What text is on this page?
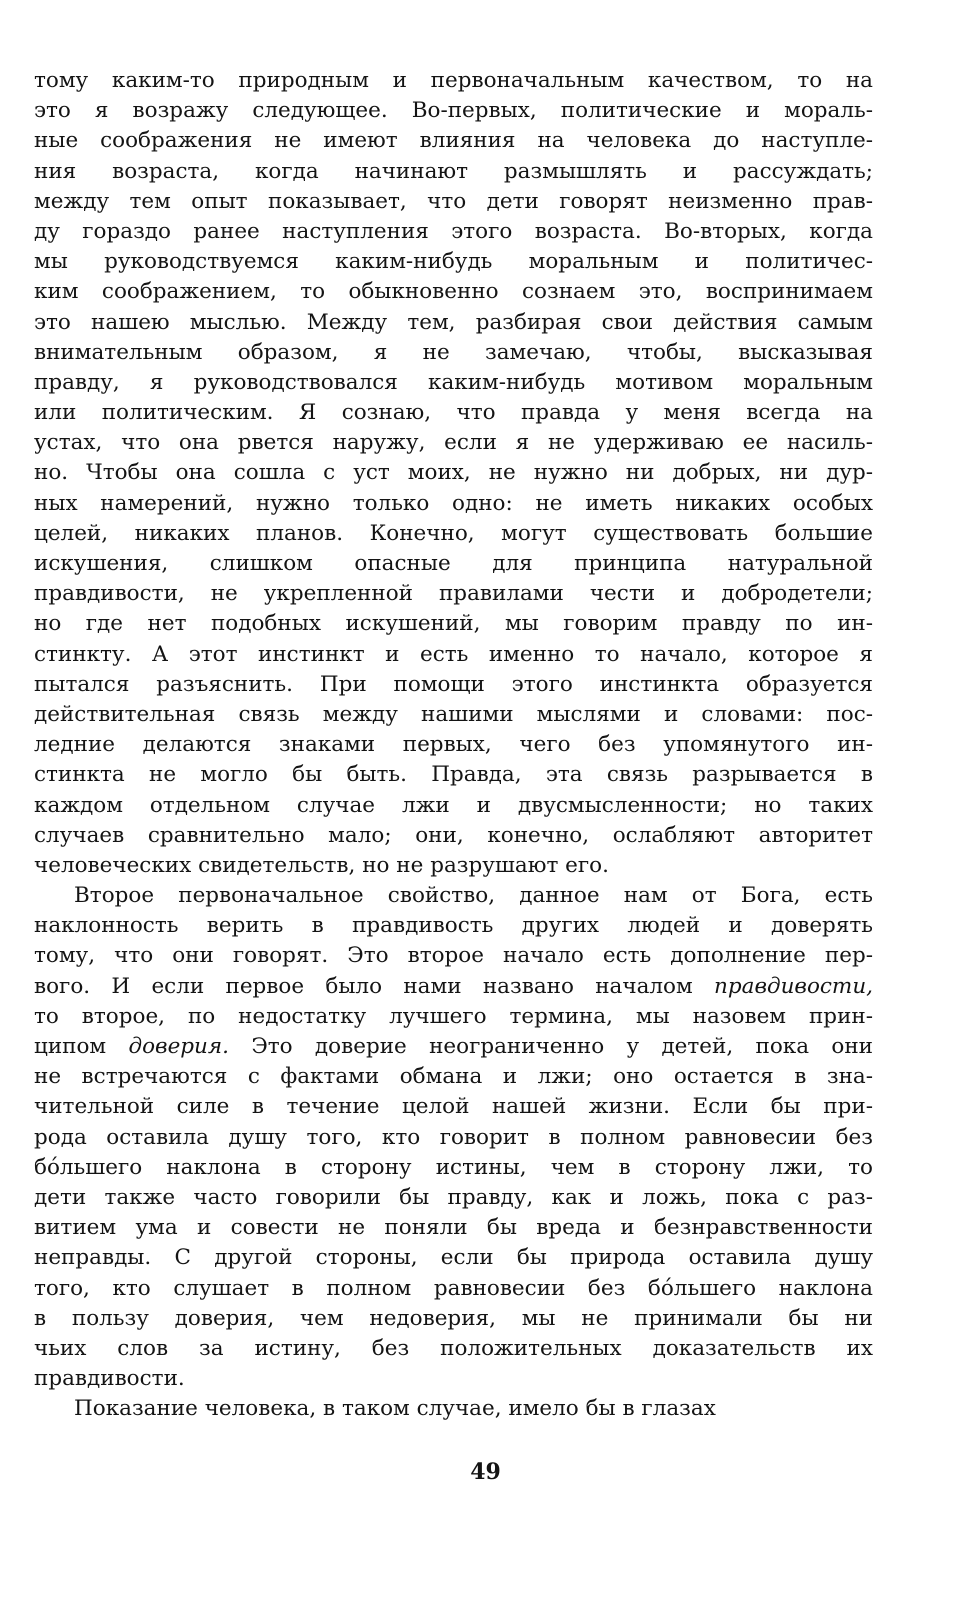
тому каким-то природным и первоначальным качеством, то на
это я возражу следующее. Во-первых, политические и мораль-
ные соображения не имеют влияния на человека до наступле-
ния возраста, когда начинают размышлять и рассуждать;
между тем опыт показывает, что дети говорят неизменно прав-
ду гораздо ранее наступления этого возраста. Во-вторых, когда
мы руководствуемся каким-нибудь моральным и политичес-
ким соображением, то обыкновенно сознаем это, воспринимаем
это нашею мыслью. Между тем, разбирая свои действия самым
внимательным образом, я не замечаю, чтобы, высказывая
правду, я руководствовался каким-нибудь мотивом моральным
или политическим. Я сознаю, что правда у меня всегда на
устах, что она рвется наружу, если я не удерживаю ее насиль-
но. Чтобы она сошла с уст моих, не нужно ни добрых, ни дур-
ных намерений, нужно только одно: не иметь никаких особых
целей, никаких планов. Конечно, могут существовать большие
искушения, слишком опасные для принципа натуральной
правдивости, не укрепленной правилами чести и добродетели;
но где нет подобных искушений, мы говорим правду по ин-
стинкту. А этот инстинкт и есть именно то начало, которое я
пытался разъяснить. При помощи этого инстинкта образуется
действительная связь между нашими мыслями и словами: пос-
ледние делаются знаками первых, чего без упомянутого ин-
стинкта не могло бы быть. Правда, эта связь разрывается в
каждом отдельном случае лжи и двусмысленности; но таких
случаев сравнительно мало; они, конечно, ослабляют авторитет
человеческих свидетельств, но не разрушают его.
Второе первоначальное свойство, данное нам от Бога, есть
наклонность верить в правдивость других людей и доверять
тому, что они говорят. Это второе начало есть дополнение пер-
вого. И если первое было нами названо началом правдивости,
то второе, по недостатку лучшего термина, мы назовем прин-
ципом доверия. Это доверие неограниченно у детей, пока они
не встречаются с фактами обмана и лжи; оно остается в зна-
чительной силе в течение целой нашей жизни. Если бы при-
рода оставила душу того, кто говорит в полном равновесии без
бо́льшего наклона в сторону истины, чем в сторону лжи, то
дети также часто говорили бы правду, как и ложь, пока с раз-
витием ума и совести не поняли бы вреда и безнравственности
неправды. С другой стороны, если бы природа оставила душу
того, кто слушает в полном равновесии без бо́льшего наклона
в пользу доверия, чем недоверия, мы не принимали бы ни
чьих слов за истину, без положительных доказательств их
правдивости.
Показание человека, в таком случае, имело бы в глазах
49
